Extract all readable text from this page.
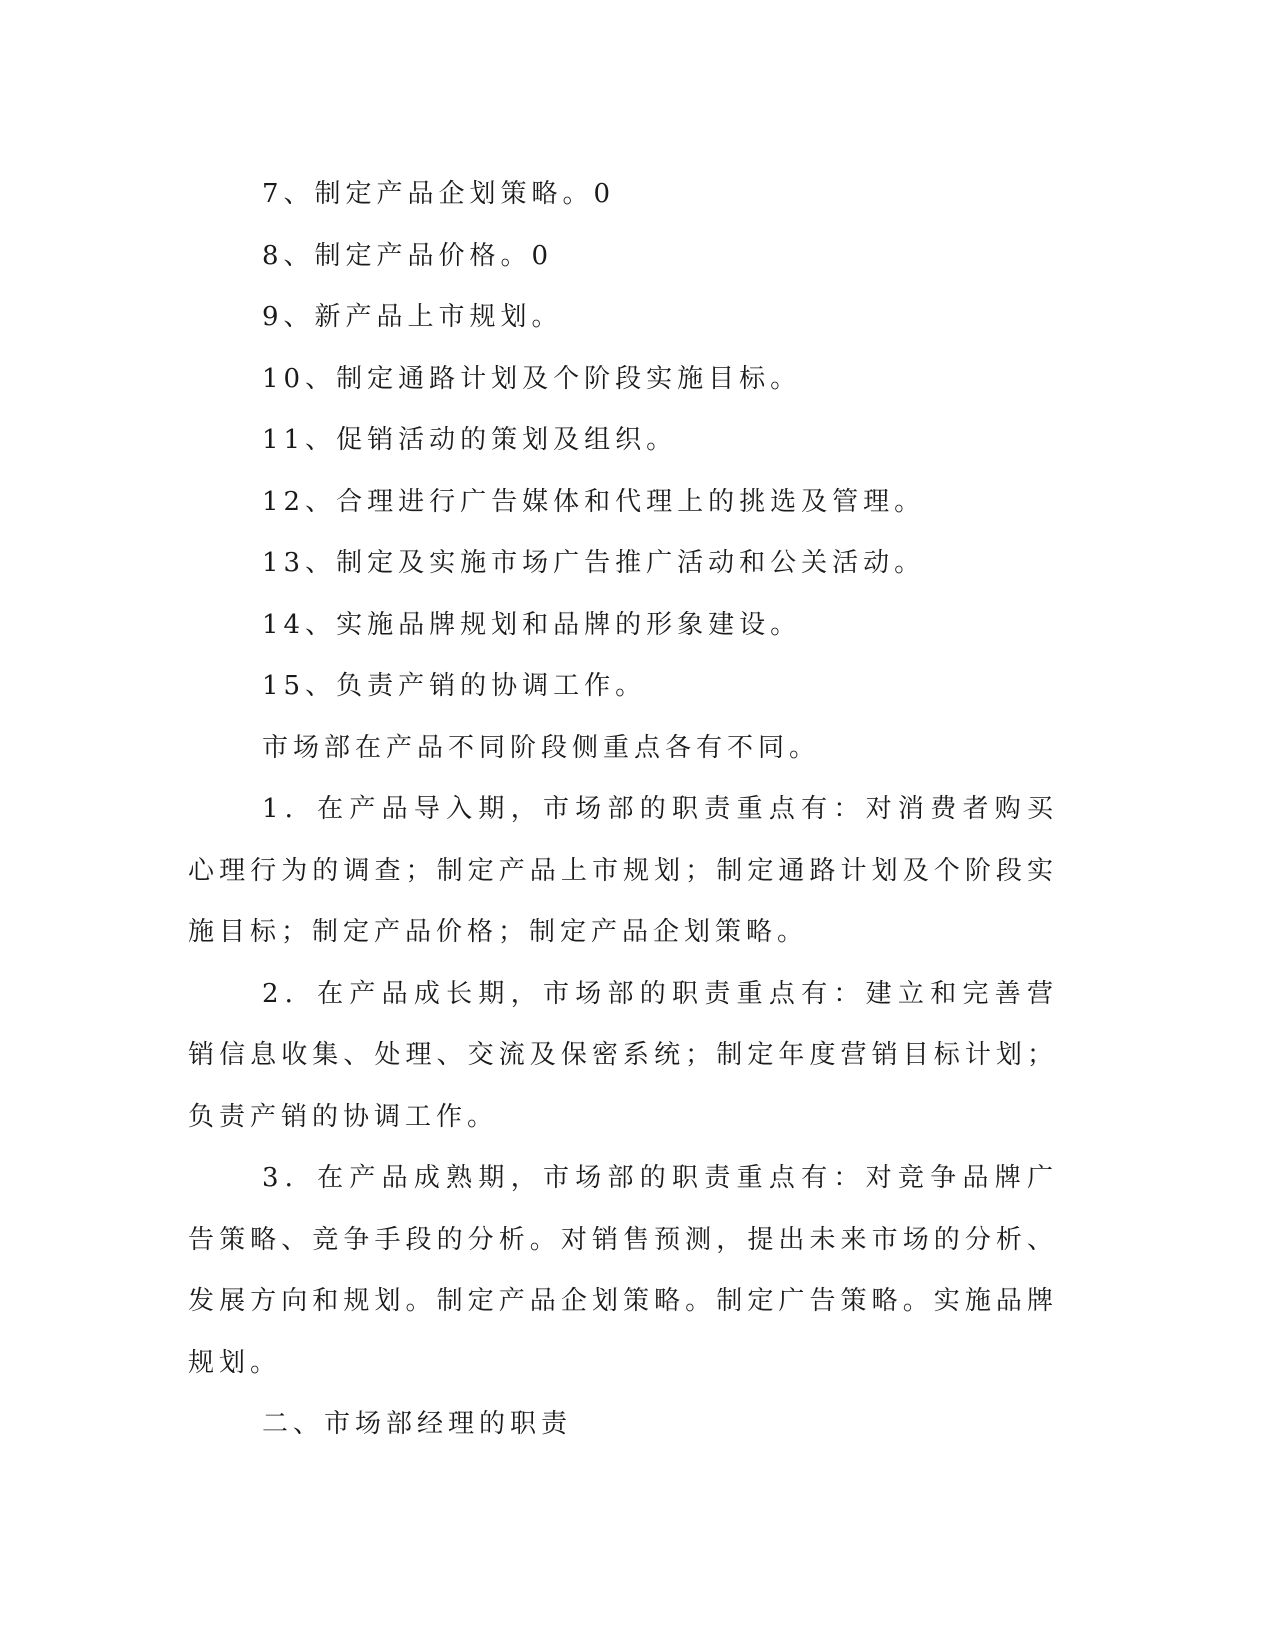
7、制定产品企划策略。0
8、制定产品价格。0
9、新产品上市规划。
10、制定通路计划及个阶段实施目标。
11、促销活动的策划及组织。
12、合理进行广告媒体和代理上的挑选及管理。
13、制定及实施市场广告推广活动和公关活动。
14、实施品牌规划和品牌的形象建设。
15、负责产销的协调工作。
市场部在产品不同阶段侧重点各有不同。

1．在产品导入期，市场部的职责重点有：对消费者购买心理行为的调查；制定产品上市规划；制定通路计划及个阶段实施目标；制定产品价格；制定产品企划策略。

2．在产品成长期，市场部的职责重点有：建立和完善营销信息收集、处理、交流及保密系统；制定年度营销目标计划；负责产销的协调工作。

3．在产品成熟期，市场部的职责重点有：对竞争品牌广告策略、竞争手段的分析。对销售预测，提出未来市场的分析、发展方向和规划。制定产品企划策略。制定广告策略。实施品牌规划。

二、市场部经理的职责
